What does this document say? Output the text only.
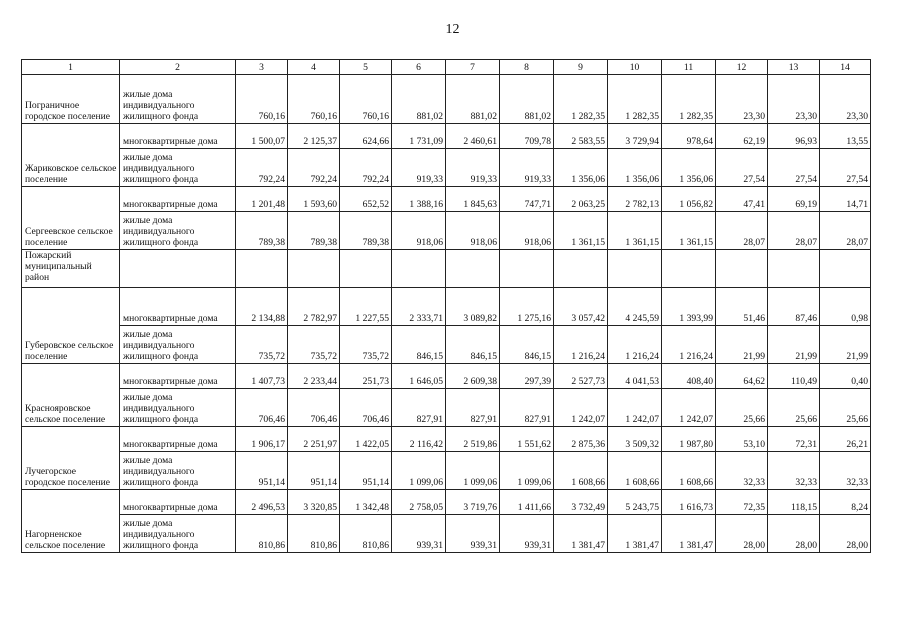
12
1	2	3	4	5	6	7	8	9	10	11	12	13	14
Пограничное городское поселение	жилые дома индивидуального жилищного фонда	760,16	760,16	760,16	881,02	881,02	881,02	1 282,35	1 282,35	1 282,35	23,30	23,30	23,30
Жариковское сельское поселение	многоквартирные дома	1 500,07	2 125,37	624,66	1 731,09	2 460,61	709,78	2 583,55	3 729,94	978,64	62,19	96,93	13,55
	жилые дома индивидуального жилищного фонда	792,24	792,24	792,24	919,33	919,33	919,33	1 356,06	1 356,06	1 356,06	27,54	27,54	27,54
Сергеевское сельское поселение	многоквартирные дома	1 201,48	1 593,60	652,52	1 388,16	1 845,63	747,71	2 063,25	2 782,13	1 056,82	47,41	69,19	14,71
	жилые дома индивидуального жилищного фонда	789,38	789,38	789,38	918,06	918,06	918,06	1 361,15	1 361,15	1 361,15	28,07	28,07	28,07
Пожарский муниципальный район													
Губеровское сельское поселение	многоквартирные дома	2 134,88	2 782,97	1 227,55	2 333,71	3 089,82	1 275,16	3 057,42	4 245,59	1 393,99	51,46	87,46	0,98
	жилые дома индивидуального жилищного фонда	735,72	735,72	735,72	846,15	846,15	846,15	1 216,24	1 216,24	1 216,24	21,99	21,99	21,99
Краснояровское сельское поселение	многоквартирные дома	1 407,73	2 233,44	251,73	1 646,05	2 609,38	297,39	2 527,73	4 041,53	408,40	64,62	110,49	0,40
	жилые дома индивидуального жилищного фонда	706,46	706,46	706,46	827,91	827,91	827,91	1 242,07	1 242,07	1 242,07	25,66	25,66	25,66
Лучегорское городское поселение	многоквартирные дома	1 906,17	2 251,97	1 422,05	2 116,42	2 519,86	1 551,62	2 875,36	3 509,32	1 987,80	53,10	72,31	26,21
	жилые дома индивидуального жилищного фонда	951,14	951,14	951,14	1 099,06	1 099,06	1 099,06	1 608,66	1 608,66	1 608,66	32,33	32,33	32,33
Нагорненское сельское поселение	многоквартирные дома	2 496,53	3 320,85	1 342,48	2 758,05	3 719,76	1 411,66	3 732,49	5 243,75	1 616,73	72,35	118,15	8,24
	жилые дома индивидуального жилищного фонда	810,86	810,86	810,86	939,31	939,31	939,31	1 381,47	1 381,47	1 381,47	28,00	28,00	28,00
